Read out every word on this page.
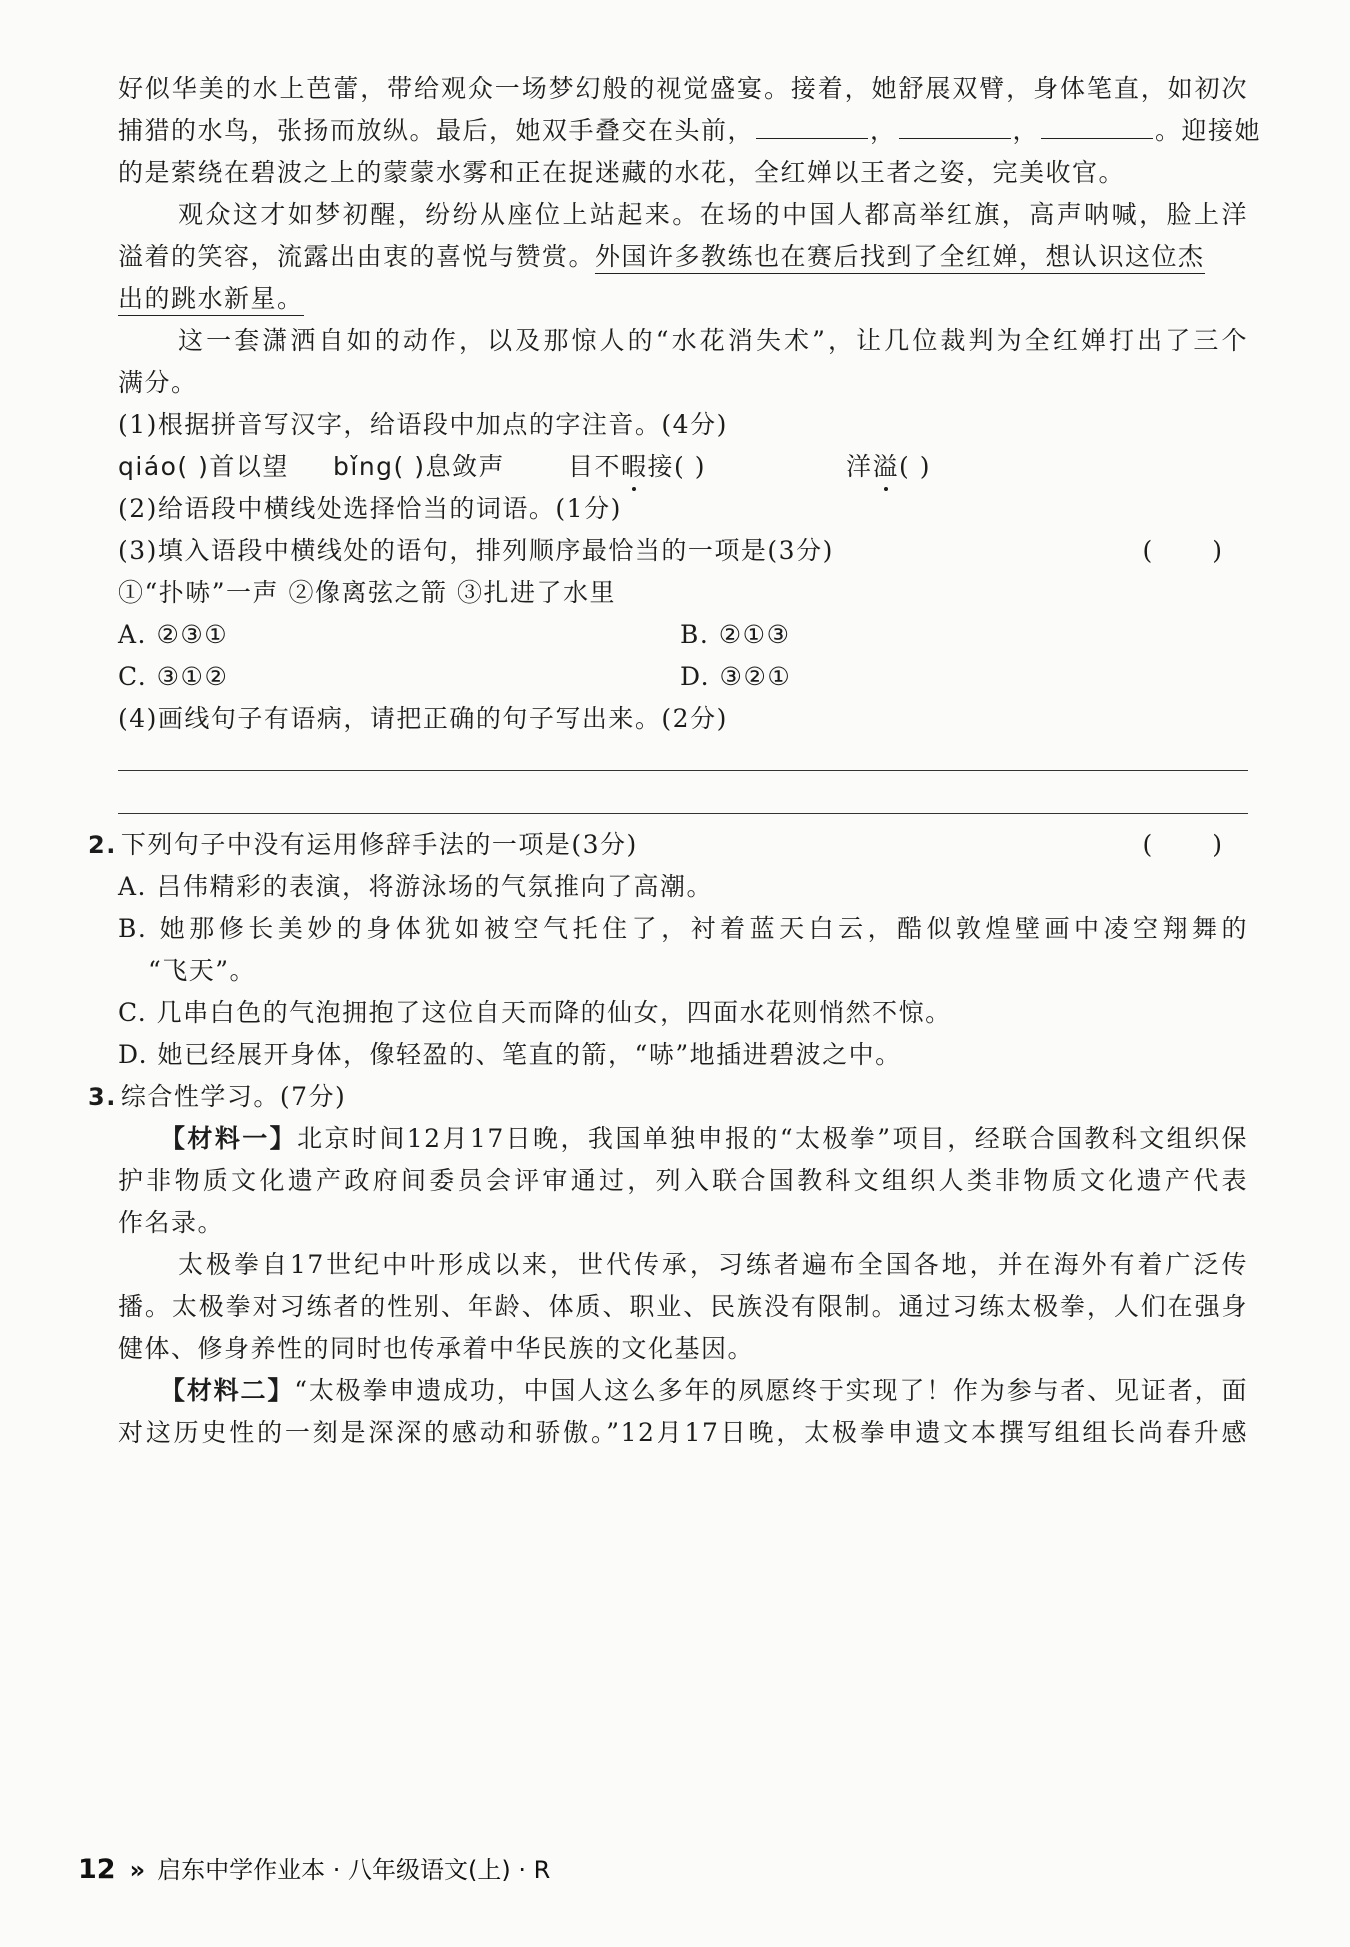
好似华美的水上芭蕾，带给观众一场梦幻般的视觉盛宴。接着，她舒展双臂，身体笔直，如初次
捕猎的水鸟，张扬而放纵。最后，她双手叠交在头前，	，	，	。迎接她
的是萦绕在碧波之上的蒙蒙水雾和正在捉迷藏的水花，全红婵以王者之姿，完美收官。
观众这才如梦初醒，纷纷从座位上站起来。在场的中国人都高举红旗，高声呐喊，脸上洋
溢着的笑容，流露出由衷的喜悦与赞赏。外国许多教练也在赛后找到了全红婵，想认识这位杰
出的跳水新星。
这一套潇洒自如的动作，以及那惊人的“水花消失术”，让几位裁判为全红婵打出了三个
满分。
(1)根据拼音写汉字，给语段中加点的字注音。(4分)
qiáo( )首以望 bǐng( )息敛声	目不暇接( )	洋溢( )
(2)给语段中横线处选择恰当的词语。(1分)
(3)填入语段中横线处的语句，排列顺序最恰当的一项是(3分)	( )
①“扑哧”一声 ②像离弦之箭 ③扎进了水里
A. ②③①	B. ②①③
C. ③①②	D. ③②①
(4)画线句子有语病，请把正确的句子写出来。(2分)
2. 下列句子中没有运用修辞手法的一项是(3分)	( )
A. 吕伟精彩的表演，将游泳场的气氛推向了高潮。
B. 她那修长美妙的身体犹如被空气托住了，衬着蓝天白云，酷似敦煌壁画中凌空翔舞的
“飞天”。
C. 几串白色的气泡拥抱了这位自天而降的仙女，四面水花则悄然不惊。
D. 她已经展开身体，像轻盈的、笔直的箭，“哧”地插进碧波之中。
3. 综合性学习。(7分)
【材料一】北京时间12月17日晚，我国单独申报的“太极拳”项目，经联合国教科文组织保
护非物质文化遗产政府间委员会评审通过，列入联合国教科文组织人类非物质文化遗产代表
作名录。
太极拳自17世纪中叶形成以来，世代传承，习练者遍布全国各地，并在海外有着广泛传
播。太极拳对习练者的性别、年龄、体质、职业、民族没有限制。通过习练太极拳，人们在强身
健体、修身养性的同时也传承着中华民族的文化基因。
【材料二】“太极拳申遗成功，中国人这么多年的夙愿终于实现了！作为参与者、见证者，面
对这历史性的一刻是深深的感动和骄傲。”12月17日晚，太极拳申遗文本撰写组组长尚春升感
12 » 启东中学作业本 · 八年级语文(上) · R
